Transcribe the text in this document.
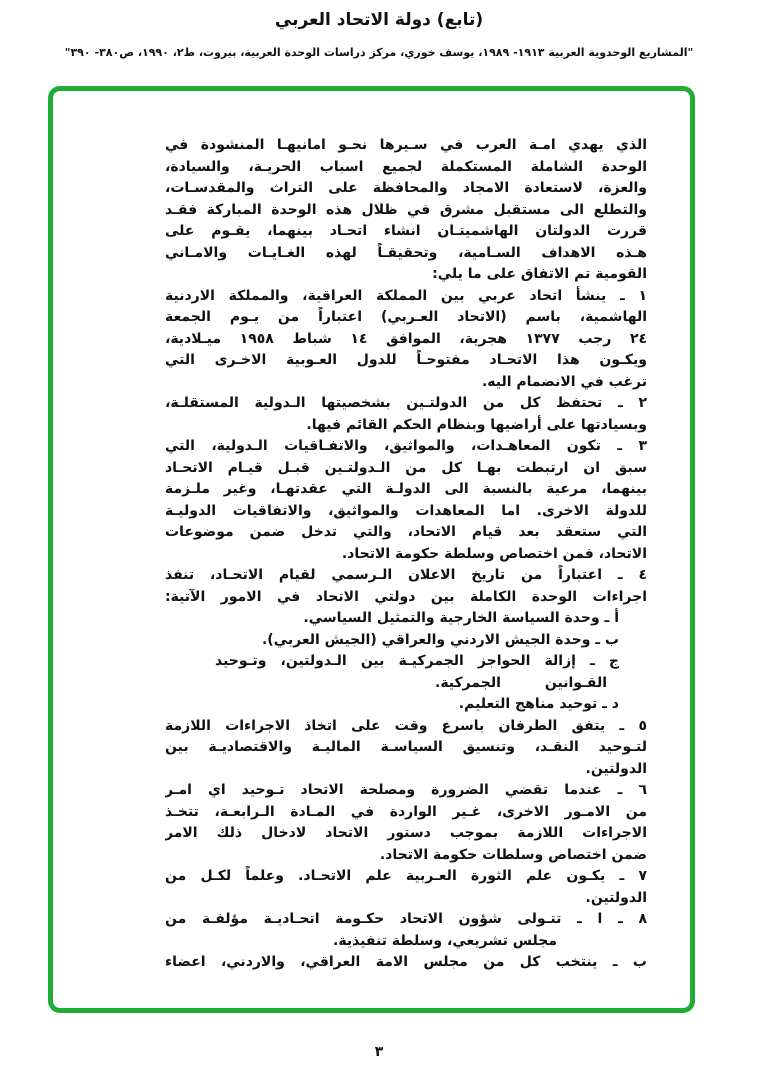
(تابع) دولة الاتحاد العربي
"المشاريع الوحدوية العربية ١٩١٣- ١٩٨٩، يوسف خوري، مركز دراسات الوحدة العربية، بيروت، ط٢، ١٩٩٠، ص٣٨٠- ٣٩٠"
الذي يهدي امـة العرب في سـيرها نحـو امانيهـا المنشودة في
الوحدة الشاملة المستكملة لجميع اسباب الحريـة، والسيادة،
والعزة، لاستعادة الامجاد والمحافظة على التراث والمقدسـات،
والتطلع الى مستقبل مشرق في ظلال هذه الوحدة المباركة فقـد
قررت الدولتان الهاشميتـان انشاء اتحـاد بينهما، يقـوم على
هـذه الاهداف السـامية، وتحقيقـاً لهذه الغـايـات والامـاني
القومية تم الاتفاق على ما يلي:
١ ـ ينشأ اتحاد عربي بين المملكة العراقية، والمملكة الاردنية
الهاشمية، باسم (الاتحاد العـربي) اعتباراً من يـوم الجمعة
٢٤ رجب ١٣٧٧ هجرية، الموافق ١٤ شباط ١٩٥٨ ميـلادية،
ويكـون هذا الاتحـاد مفتوحـاً للدول العـوبية الاخـرى التي
ترغب في الانضمام اليه.
٢ ـ تحتفظ كل من الدولتـين بشخصيتها الـدولية المستقلـة،
وبسيادتها على أراضيها وبنظام الحكم القائم فيها.
٣ ـ تكون المعاهـدات، والمواثيق، والاتفـاقيات الـدولية، التي
سبق ان ارتبطت بهـا كل من الـدولتـين قبـل قيـام الاتحـاد
بينهما، مرعية بالنسبة الى الدولـة التي عقدتهـا، وغير ملـزمة
للدولة الاخرى. اما المعاهدات والمواثيق، والاتفاقيات الدوليـة
التي ستعقد بعد قيام الاتحاد، والتي تدخل ضمن موضوعات
الاتحاد، فمن اختصاص وسلطة حكومة الاتحاد.
٤ ـ اعتباراً من تاريخ الاعلان الـرسمي لقيام الاتحـاد، تنفذ
اجراءات الوحدة الكاملة بين دولتي الاتحاد في الامور الآتية:
أ ـ وحدة السياسة الخارجية والتمثيل السياسي.
ب ـ وحدة الجيش الاردني والعراقي (الجيش العربي).
ج ـ إزالة الحواجز الجمركيـة بين الـدولتين، وتـوحيد
القـوانين الجمركية.
د ـ توحيد مناهج التعليم.
٥ ـ يتفق الطرفان باسرع وقت على اتخاذ الاجراءات اللازمة
لتـوحيد النقـد، وتنسيق السياسـة الماليـة والاقتصاديـة بين
الدولتين.
٦ ـ عندما تقضي الضرورة ومصلحة الاتحاد تـوحيد اي امـر
من الامـور الاخرى، غـير الواردة في المـادة الـرابعـة، تتخـذ
الاجراءات اللازمة بموجب دستور الاتحاد لادخال ذلك الامر
ضمن اختصاص وسلطات حكومة الاتحاد.
٧ ـ يكـون علم الثورة العـربية علم الاتحـاد. وعلماً لكـل من
الدولتين.
٨ ـ ا ـ تتـولى شؤون الاتحاد حكـومة اتحـاديـة مؤلفـة من
مجلس تشريعي، وسلطة تنفيذية.
ب ـ ينتخب كل من مجلس الامة العراقي، والاردني، اعضاء
٣
